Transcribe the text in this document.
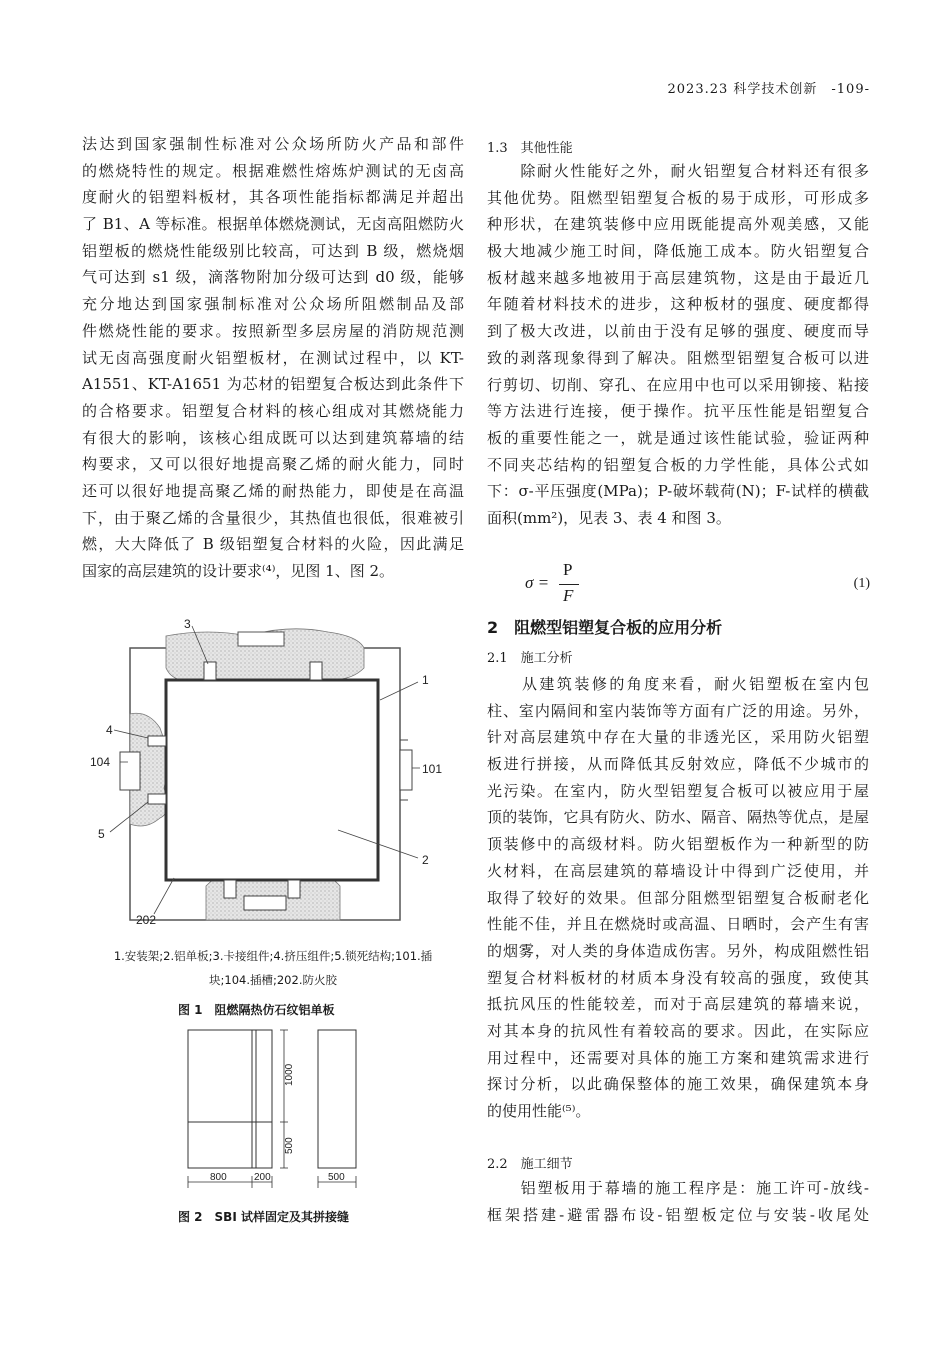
2023.23 科学技术创新　-109-
法达到国家强制性标准对公众场所防火产品和部件
的燃烧特性的规定。根据难燃性熔炼炉测试的无卤高
度耐火的铝塑料板材，其各项性能指标都满足并超出
了 B1、A 等标准。根据单体燃烧测试，无卤高阻燃防火
铝塑板的燃烧性能级别比较高，可达到 B 级，燃烧烟
气可达到 s1 级，滴落物附加分级可达到 d0 级，能够
充分地达到国家强制标准对公众场所阻燃制品及部
件燃烧性能的要求。按照新型多层房屋的消防规范测
试无卤高强度耐火铝塑板材，在测试过程中，以 KT-
A1551、KT-A1651 为芯材的铝塑复合板达到此条件下
的合格要求。铝塑复合材料的核心组成对其燃烧能力
有很大的影响，该核心组成既可以达到建筑幕墙的结
构要求，又可以很好地提高聚乙烯的耐火能力，同时
还可以很好地提高聚乙烯的耐热能力，即使是在高温
下，由于聚乙烯的含量很少，其热值也很低，很难被引
燃，大大降低了 B 级铝塑复合材料的火险，因此满足
国家的高层建筑的设计要求⁽⁴⁾，见图 1、图 2。
3
1
4
104	101
5
2
202
1.安装架;2.铝单板;3.卡接组件;4.挤压组件;5.锁死结构;101.插
块;104.插槽;202.防火胶
图 1　阻燃隔热仿石纹铝单板
1000
500
800	200	500
图 2　SBI 试样固定及其拼接缝
1.3　其他性能
　　除耐火性能好之外，耐火铝塑复合材料还有很多
其他优势。阻燃型铝塑复合板的易于成形，可形成多
种形状，在建筑装修中应用既能提高外观美感，又能
极大地减少施工时间，降低施工成本。防火铝塑复合
板材越来越多地被用于高层建筑物，这是由于最近几
年随着材料技术的进步，这种板材的强度、硬度都得
到了极大改进，以前由于没有足够的强度、硬度而导
致的剥落现象得到了解决。阻燃型铝塑复合板可以进
行剪切、切削、穿孔、在应用中也可以采用铆接、粘接
等方法进行连接，便于操作。抗平压性能是铝塑复合
板的重要性能之一，就是通过该性能试验，验证两种
不同夹芯结构的铝塑复合板的力学性能，具体公式如
下：σ-平压强度(MPa)；P-破坏载荷(N)；F-试样的横截
面积(mm²)，见表 3、表 4 和图 3。
σ =
P
F
(1)
2　阻燃型铝塑复合板的应用分析
2.1　施工分析
　　从建筑装修的角度来看，耐火铝塑板在室内包
柱、室内隔间和室内装饰等方面有广泛的用途。另外，
针对高层建筑中存在大量的非透光区，采用防火铝塑
板进行拼接，从而降低其反射效应，降低不少城市的
光污染。在室内，防火型铝塑复合板可以被应用于屋
顶的装饰，它具有防火、防水、隔音、隔热等优点，是屋
顶装修中的高级材料。防火铝塑板作为一种新型的防
火材料，在高层建筑的幕墙设计中得到广泛使用，并
取得了较好的效果。但部分阻燃型铝塑复合板耐老化
性能不佳，并且在燃烧时或高温、日晒时，会产生有害
的烟雾，对人类的身体造成伤害。另外，构成阻燃性铝
塑复合材料板材的材质本身没有较高的强度，致使其
抵抗风压的性能较差，而对于高层建筑的幕墙来说，
对其本身的抗风性有着较高的要求。因此，在实际应
用过程中，还需要对具体的施工方案和建筑需求进行
探讨分析，以此确保整体的施工效果，确保建筑本身
的使用性能⁽⁵⁾。
2.2　施工细节
　　铝塑板用于幕墙的施工程序是：施工许可-放线-
框架搭建-避雷器布设-铝塑板定位与安装-收尾处
